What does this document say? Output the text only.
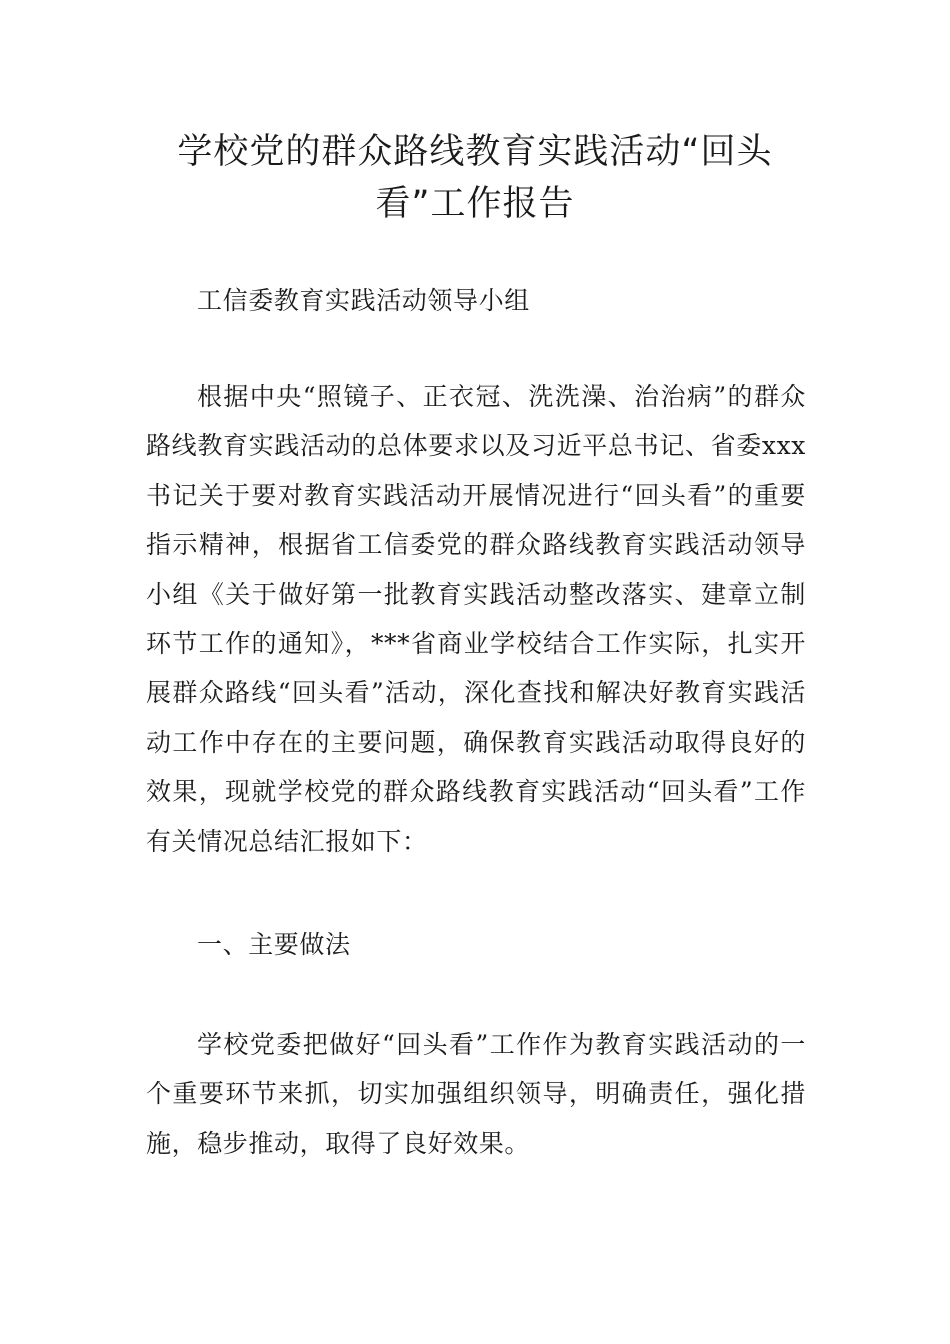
学校党的群众路线教育实践活动“回头
看”工作报告

工信委教育实践活动领导小组

根据中央“照镜子、正衣冠、洗洗澡、治治病”的群众路线教育实践活动的总体要求以及习近平总书记、省委xxx书记关于要对教育实践活动开展情况进行“回头看”的重要指示精神，根据省工信委党的群众路线教育实践活动领导小组《关于做好第一批教育实践活动整改落实、建章立制环节工作的通知》，***省商业学校结合工作实际，扎实开展群众路线“回头看”活动，深化查找和解决好教育实践活动工作中存在的主要问题，确保教育实践活动取得良好的效果，现就学校党的群众路线教育实践活动“回头看”工作有关情况总结汇报如下：

一、主要做法

学校党委把做好“回头看”工作作为教育实践活动的一个重要环节来抓，切实加强组织领导，明确责任，强化措施，稳步推动，取得了良好效果。
